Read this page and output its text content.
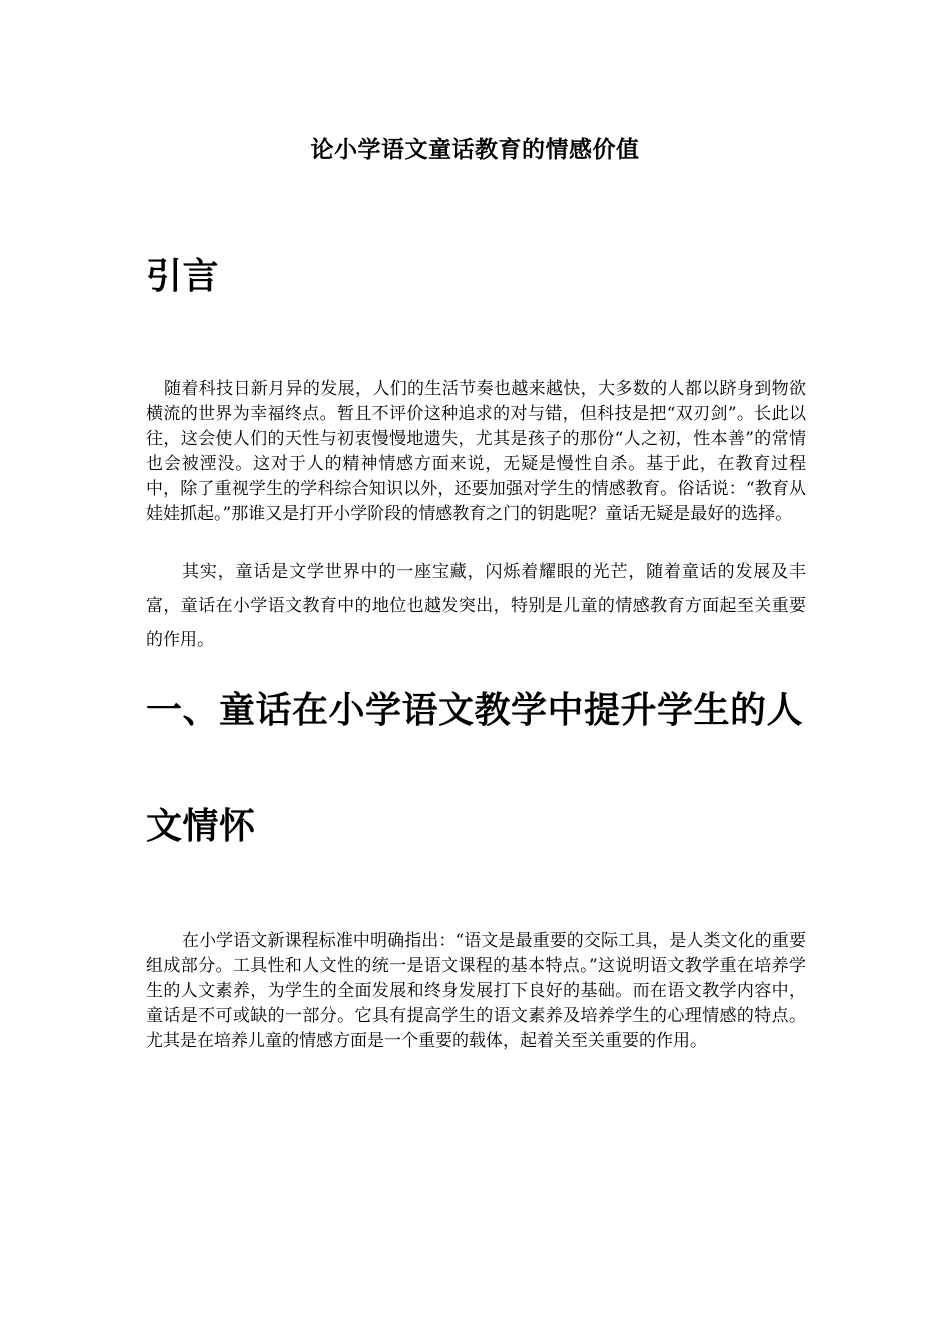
论小学语文童话教育的情感价值
引言

随着科技日新月异的发展，人们的生活节奏也越来越快，大多数的人都以跻身到物欲横流的世界为幸福终点。暂且不评价这种追求的对与错，但科技是把“双刃剑”。长此以往，这会使人们的天性与初衷慢慢地遗失，尤其是孩子的那份“人之初，性本善”的常情也会被湮没。这对于人的精神情感方面来说，无疑是慢性自杀。基于此，在教育过程中，除了重视学生的学科综合知识以外，还要加强对学生的情感教育。俗话说：“教育从娃娃抓起。”那谁又是打开小学阶段的情感教育之门的钥匙呢？童话无疑是最好的选择。

其实，童话是文学世界中的一座宝藏，闪烁着耀眼的光芒，随着童话的发展及丰富，童话在小学语文教育中的地位也越发突出，特别是儿童的情感教育方面起至关重要的作用。

一、童话在小学语文教学中提升学生的人
文情怀

在小学语文新课程标准中明确指出：“语文是最重要的交际工具，是人类文化的重要组成部分。工具性和人文性的统一是语文课程的基本特点。”这说明语文教学重在培养学生的人文素养，为学生的全面发展和终身发展打下良好的基础。而在语文教学内容中，童话是不可或缺的一部分。它具有提高学生的语文素养及培养学生的心理情感的特点。尤其是在培养儿童的情感方面是一个重要的载体，起着关至关重要的作用。
